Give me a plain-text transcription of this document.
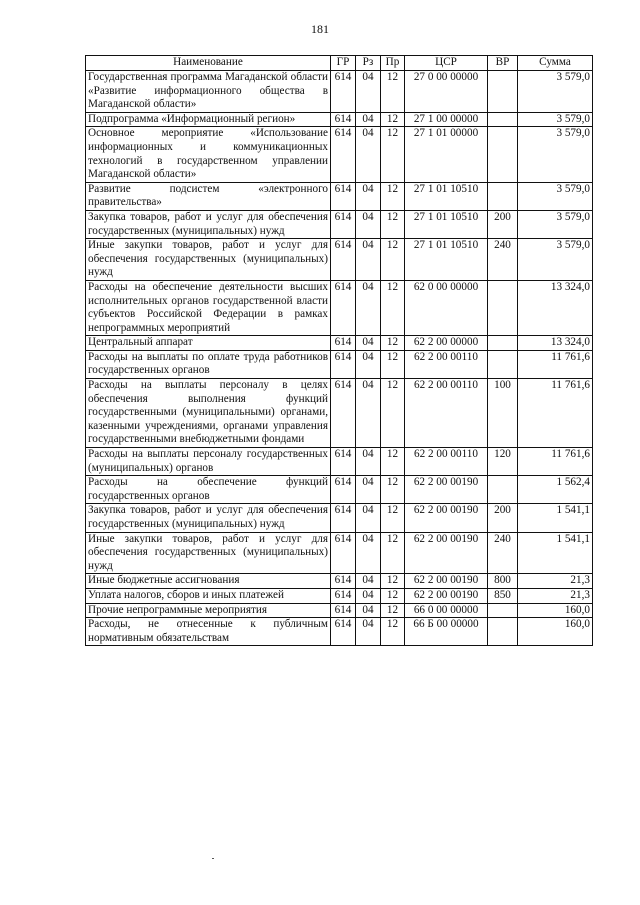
181
Наименование	ГР	Рз	Пр	ЦСР	ВР	Сумма
Государственная программа Магаданской области «Развитие информационного общества в Магаданской области»	614	04	12	27 0 00 00000		3 579,0
Подпрограмма «Информационный регион»	614	04	12	27 1 00 00000		3 579,0
Основное мероприятие «Использование информационных и коммуникационных технологий в государственном управлении Магаданской области»	614	04	12	27 1 01 00000		3 579,0
Развитие подсистем «электронного правительства»	614	04	12	27 1 01 10510		3 579,0
Закупка товаров, работ и услуг для обеспечения государственных (муниципальных) нужд	614	04	12	27 1 01 10510	200	3 579,0
Иные закупки товаров, работ и услуг для обеспечения государственных (муниципальных) нужд	614	04	12	27 1 01 10510	240	3 579,0
Расходы на обеспечение деятельности высших исполнительных органов государственной власти субъектов Российской Федерации в рамках непрограммных мероприятий	614	04	12	62 0 00 00000		13 324,0
Центральный аппарат	614	04	12	62 2 00 00000		13 324,0
Расходы на выплаты по оплате труда работников государственных органов	614	04	12	62 2 00 00110		11 761,6
Расходы на выплаты персоналу в целях обеспечения выполнения функций государственными (муниципальными) органами, казенными учреждениями, органами управления государственными внебюджетными фондами	614	04	12	62 2 00 00110	100	11 761,6
Расходы на выплаты персоналу государственных (муниципальных) органов	614	04	12	62 2 00 00110	120	11 761,6
Расходы на обеспечение функций государственных органов	614	04	12	62 2 00 00190		1 562,4
Закупка товаров, работ и услуг для обеспечения государственных (муниципальных) нужд	614	04	12	62 2 00 00190	200	1 541,1
Иные закупки товаров, работ и услуг для обеспечения государственных (муниципальных) нужд	614	04	12	62 2 00 00190	240	1 541,1
Иные бюджетные ассигнования	614	04	12	62 2 00 00190	800	21,3
Уплата налогов, сборов и иных платежей	614	04	12	62 2 00 00190	850	21,3
Прочие непрограммные мероприятия	614	04	12	66 0 00 00000		160,0
Расходы, не отнесенные к публичным нормативным обязательствам	614	04	12	66 Б 00 00000		160,0
